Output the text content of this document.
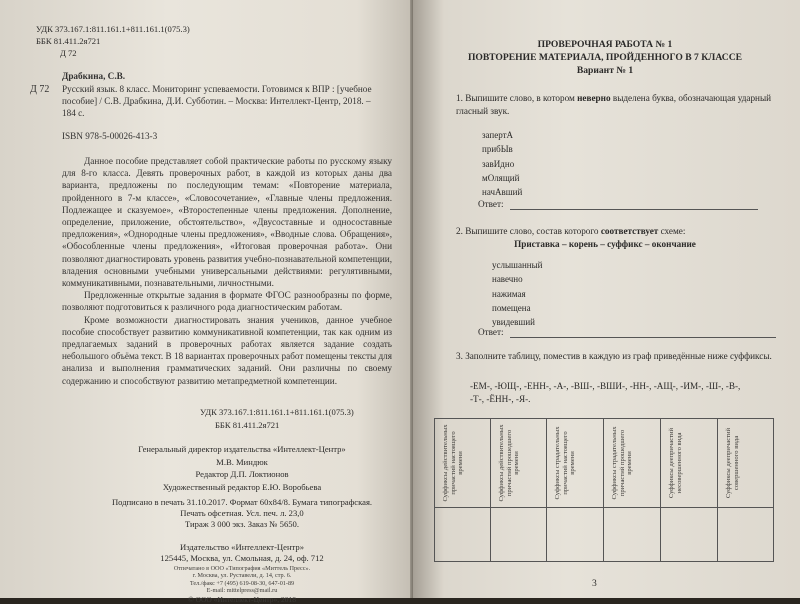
УДК 373.167.1:811.161.1+811.161.1(075.3)
ББК 81.411.2я721
Д 72
Д 72
Драбкина, С.В.
Русский язык. 8 класс. Мониторинг успеваемости. Готовимся к ВПР : [учебное
пособие] / С.В. Драбкина, Д.И. Субботин. – Москва: Интеллект-Центр, 2018. –
184 с.
ISBN 978-5-00026-413-3

Данное пособие представляет собой практические работы по русскому языку для 8-го класса. Девять проверочных работ, в каждой из которых даны два варианта, предложены по последующим темам: «Повторение материала, пройденного в 7-м классе», «Словосочетание», «Главные члены предложения. Подлежащее и сказуемое», «Второстепенные члены предложения. Дополнение, определение, приложение, обстоятельство», «Двусоставные и односоставные предложения», «Однородные члены предложения», «Вводные слова. Обращения», «Обособленные члены предложения», «Итоговая проверочная работа». Они позволяют диагностировать уровень развития учебно-познавательной компетенции, владения основными учебными универсальными действиями: регулятивными, коммуникативными, познавательными, личностными.

Предложенные открытые задания в формате ФГОС разнообразны по форме, позволяют подготовиться к различного рода диагностическим работам.

Кроме возможности диагностировать знания учеников, данное учебное пособие способствует развитию коммуникативной компетенции, так как одним из предлагаемых заданий в проверочных работах является задание создать небольшого объёма текст. В 18 вариантах проверочных работ помещены тексты для анализа и выполнения грамматических заданий. Они различны по своему содержанию и способствуют развитию метапредметной компетенции.

УДК 373.167.1:811.161.1+811.161.1(075.3)
ББК 81.411.2я721
Генеральный директор издательства «Интеллект-Центр»
М.В. Миндюк
Редактор Д.П. Локтионов
Художественный редактор Е.Ю. Воробьева
Подписано в печать 31.10.2017. Формат 60x84/8. Бумага типографская.
Печать офсетная. Усл. печ. л. 23,0
Тираж 3 000 экз. Заказ № 5650.
Издательство «Интеллект-Центр»
125445, Москва, ул. Смольная, д. 24, оф. 712
Отпечатано в ООО «Типография «Миттель Пресс».
г. Москва, ул. Руставели, д. 14, стр. 6.
Тел./факс +7 (495) 619-08-30, 647-01-89
E-mail: mittelpress@mail.ru
© ООО «Интеллект-Центр», 2018
ПРОВЕРОЧНАЯ РАБОТА № 1
ПОВТОРЕНИЕ МАТЕРИАЛА, ПРОЙДЕННОГО В 7 КЛАССЕ
Вариант № 1
1. Выпишите слово, в котором неверно выделена буква, обозначающая ударный гласный звук.
запертА
прибЫв
завИдно
мОлящий
начАвший
Ответ:
2. Выпишите слово, состав которого соответствует схеме:
Приставка – корень – суффикс – окончание
услышанный
навечно
нажимая
помещена
увидевший
Ответ:
3. Заполните таблицу, поместив в каждую из граф приведённые ниже суффиксы.
-ЕМ-, -ЮЩ-, -ЕНН-, -А-, -ВШ-, -ВШИ-, -НН-, -АЩ-, -ИМ-, -Ш-, -В-,
-Т-, -ЁНН-, -Я-.
Суффиксы действительных причастий настоящего времени	Суффиксы действительных причастий прошедшего времени	Суффиксы страдательных причастий настоящего времени	Суффиксы страдательных причастий прошедшего времени	Суффиксы деепричастий несовершенного вида	Суффиксы деепричастий совершенного вида
3
